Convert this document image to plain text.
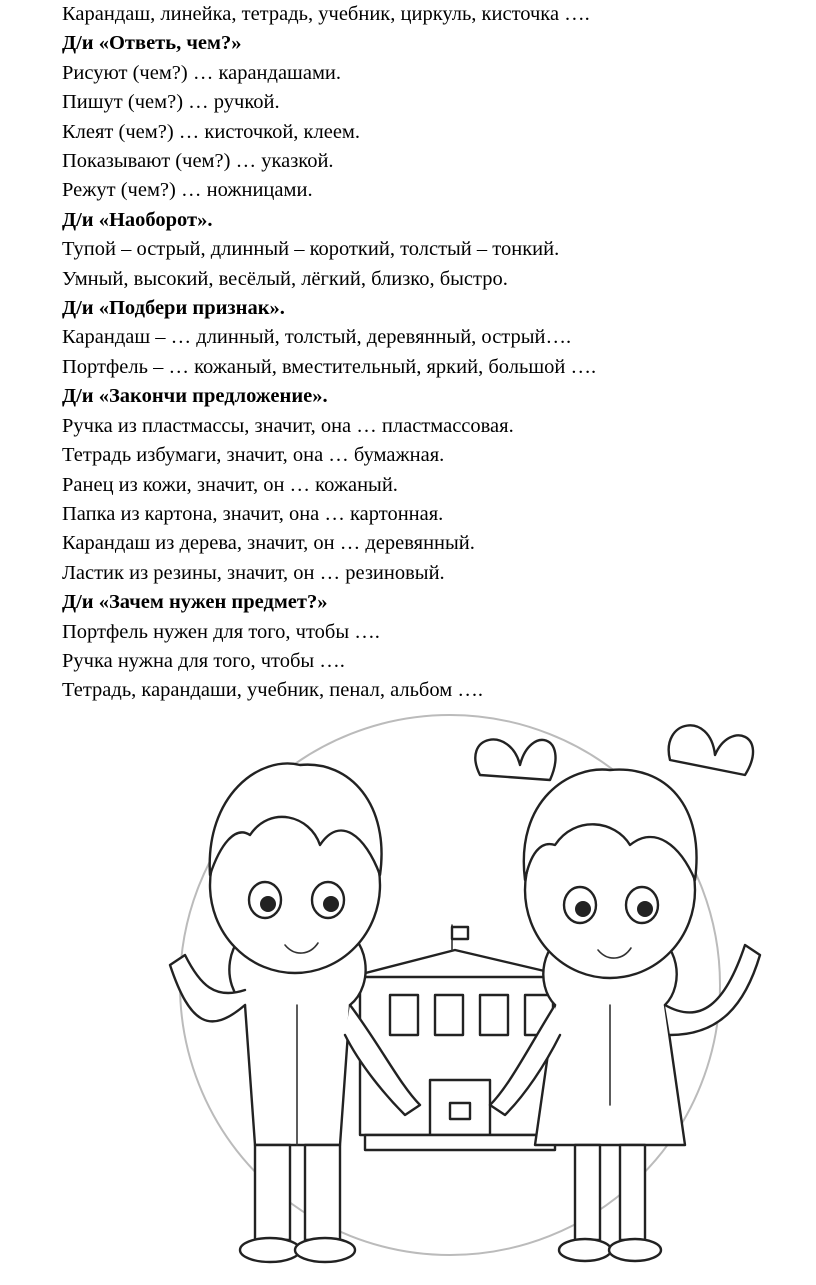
Карандаш, линейка, тетрадь, учебник, циркуль, кисточка ….
Д/и «Ответь, чем?»
Рисуют (чем?) … карандашами.
Пишут (чем?) … ручкой.
Клеят (чем?) … кисточкой, клеем.
Показывают (чем?) … указкой.
Режут (чем?) … ножницами.
Д/и «Наоборот».
Тупой – острый, длинный – короткий, толстый – тонкий.
Умный, высокий, весёлый, лёгкий, близко, быстро.
Д/и «Подбери признак».
Карандаш – … длинный, толстый, деревянный, острый….
Портфель – … кожаный, вместительный, яркий, большой ….
Д/и «Закончи предложение».
Ручка из пластмассы, значит, она … пластмассовая.
Тетрадь избумаги, значит, она … бумажная.
Ранец из кожи, значит, он … кожаный.
Папка из картона, значит, она … картонная.
Карандаш из дерева, значит, он … деревянный.
Ластик из резины, значит, он … резиновый.
Д/и «Зачем нужен предмет?»
Портфель нужен для того, чтобы ….
Ручка нужна для того, чтобы ….
Тетрадь, карандаши, учебник, пенал, альбом ….
